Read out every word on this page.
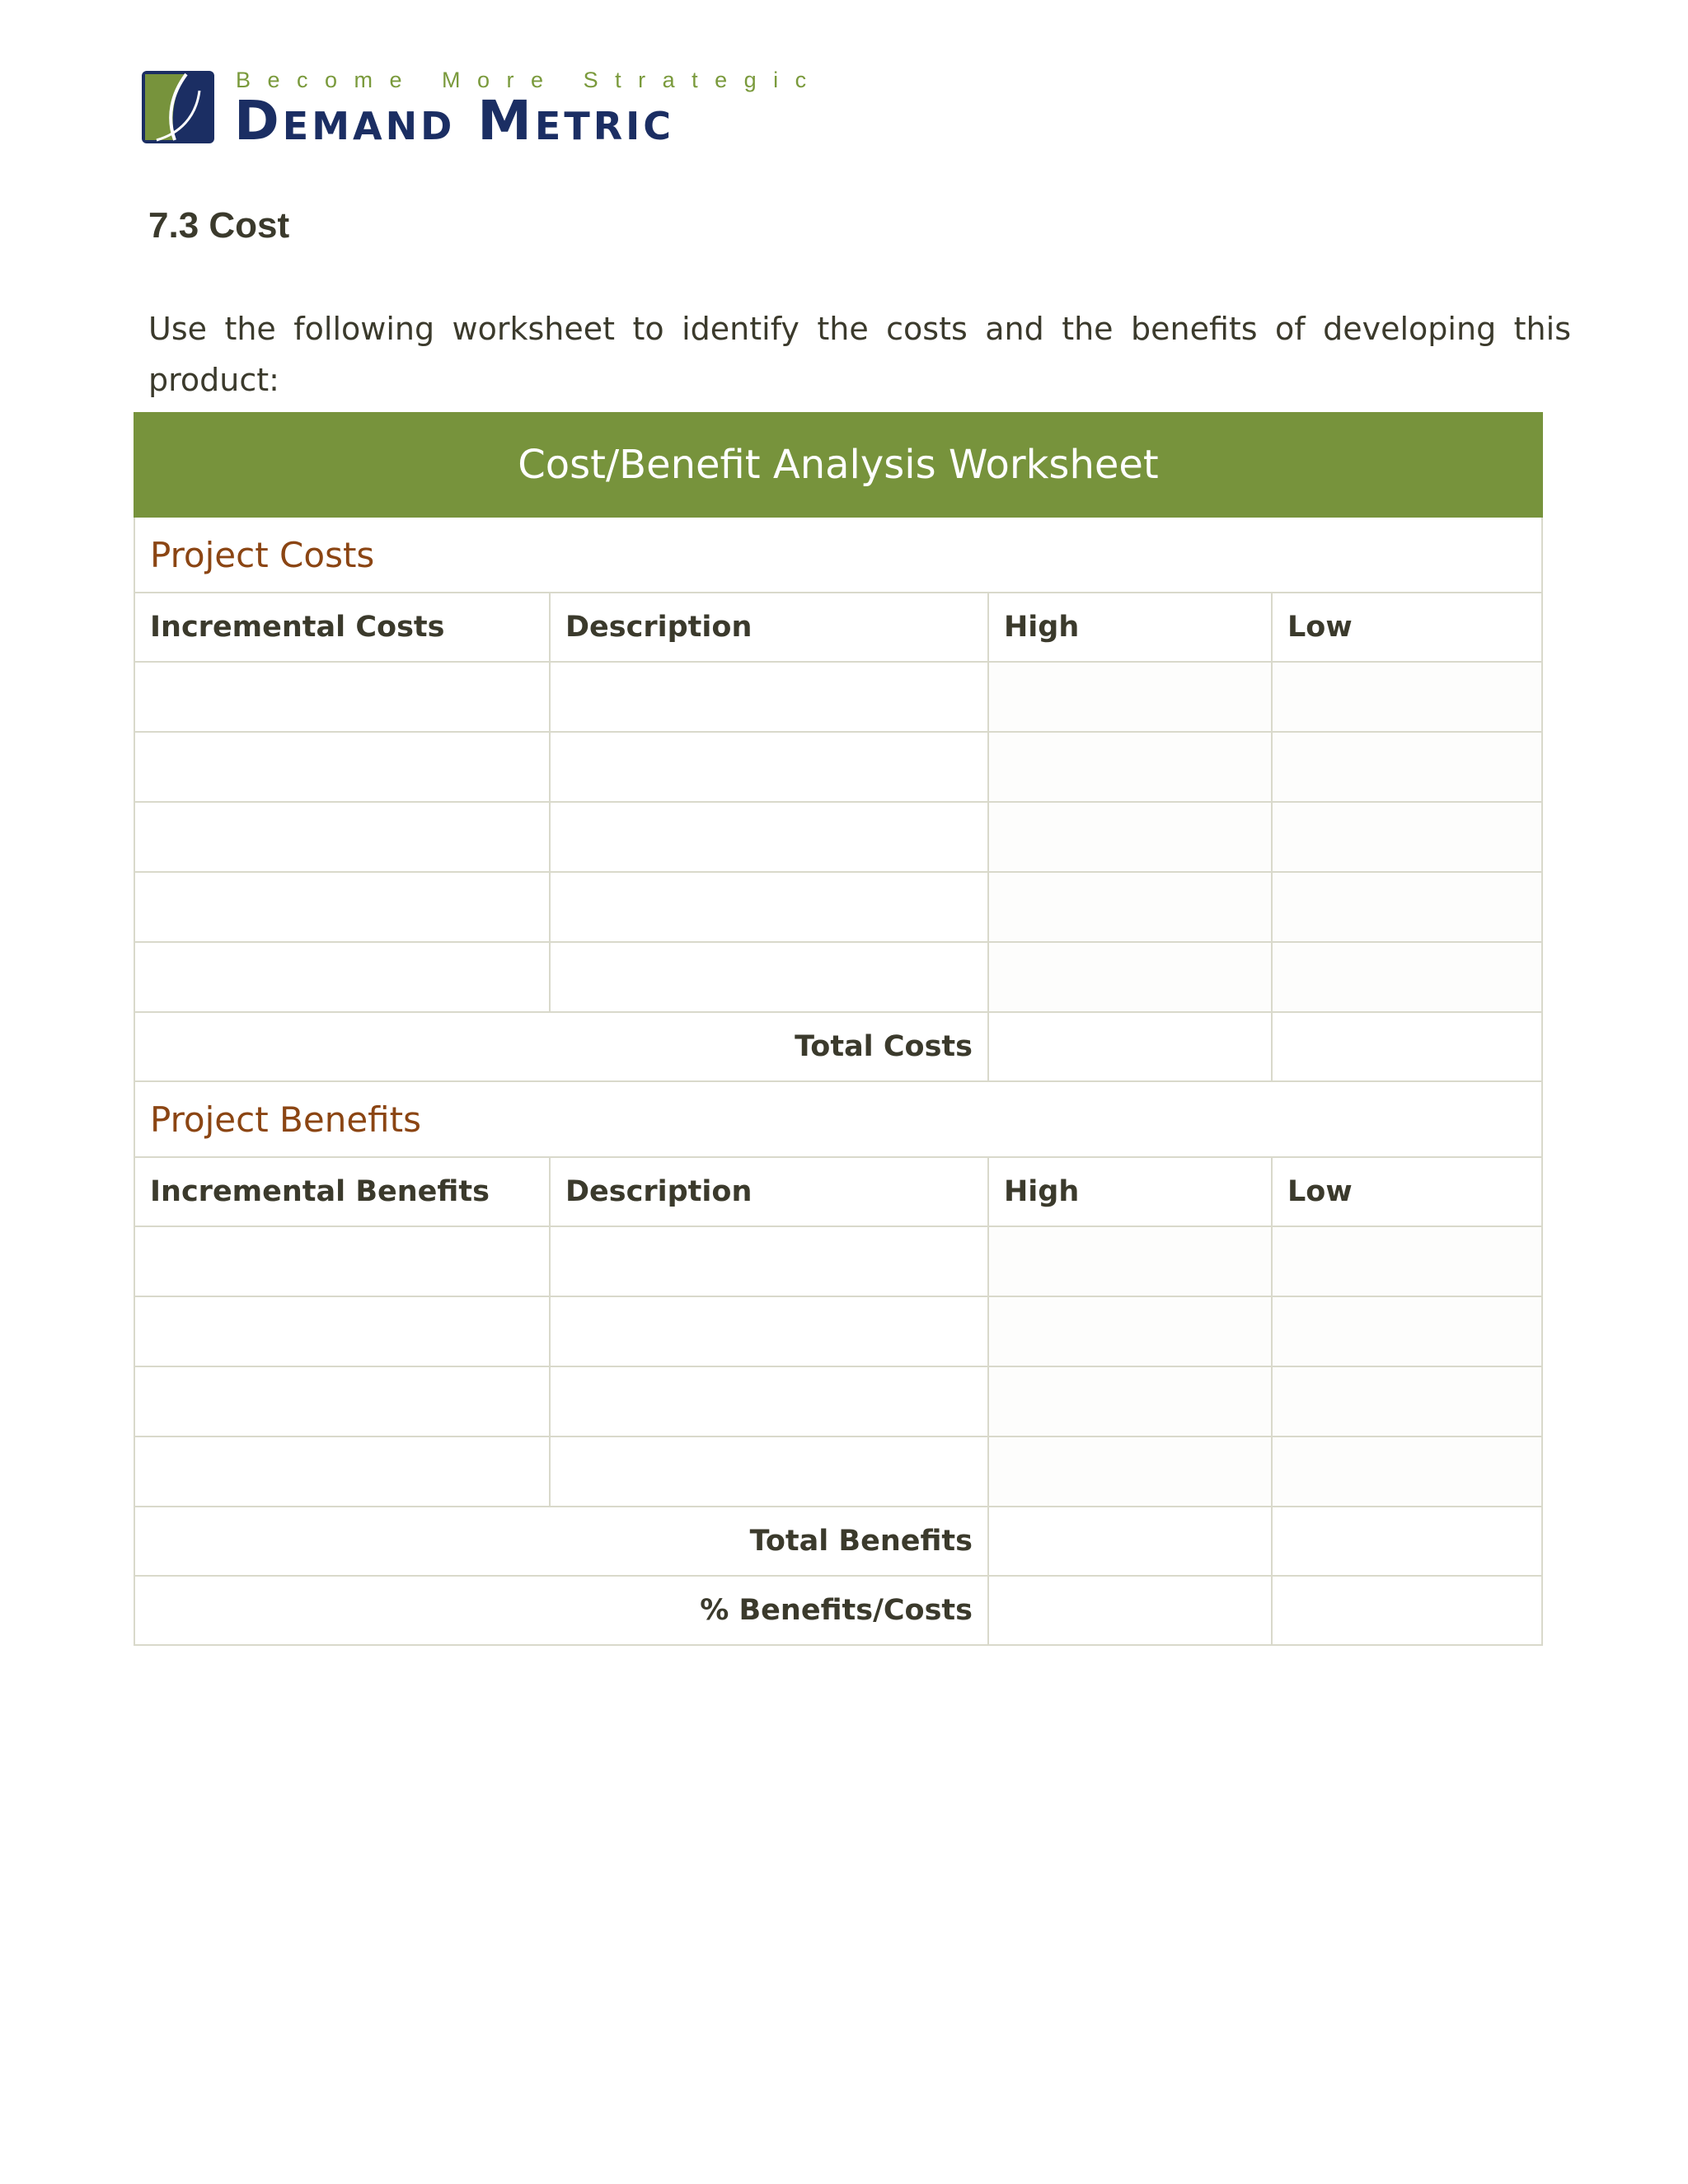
Become More Strategic
Demand Metric
7.3 Cost

Use the following worksheet to identify the costs and the benefits of developing this product:

Cost/Benefit Analysis Worksheet			
Project Costs			
Incremental Costs	Description	High	Low

Total Costs			
Project Benefits			
Incremental Benefits	Description	High	Low

Total Benefits			
% Benefits/Costs			
